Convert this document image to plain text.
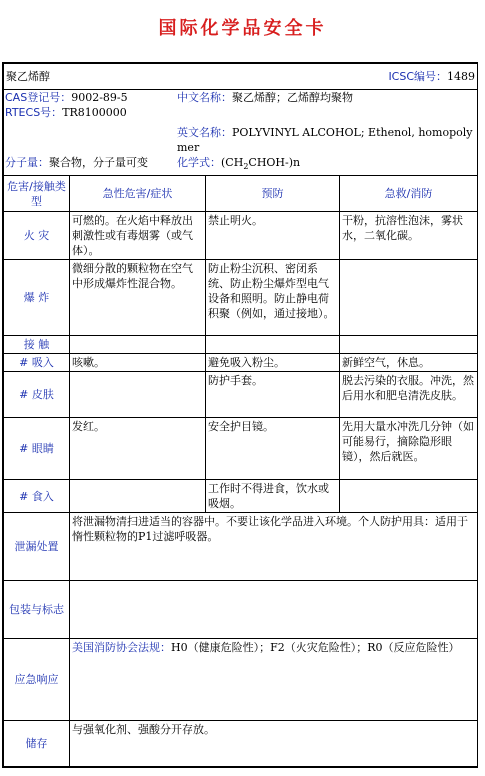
国际化学品安全卡
聚乙烯醇	ICSC编号：1489

CAS登记号：9002-89-5	中文名称：聚乙烯醇；乙烯醇均聚物
RTECS号：TR8100000	
	英文名称：POLYVINYL ALCOHOL; Ethenol, homopolymer
分子量：聚合物，分子量可变	化学式：$(CH_2CHOH-)n$

危害/接触类型	急性危害/症状	预防	急救/消防
火 灾	可燃的。在火焰中释放出刺激性或有毒烟雾（或气体）。	禁止明火。	干粉，抗溶性泡沫，雾状水，二氧化碳。
爆 炸	微细分散的颗粒物在空气中形成爆炸性混合物。	防止粉尘沉积、密闭系统、防止粉尘爆炸型电气设备和照明。防止静电荷积聚（例如，通过接地）。	
接 触			
# 吸入	咳嗽。	避免吸入粉尘。	新鲜空气，休息。
# 皮肤		防护手套。	脱去污染的衣服。冲洗，然后用水和肥皂清洗皮肤。
# 眼睛	发红。	安全护目镜。	先用大量水冲洗几分钟（如可能易行，摘除隐形眼镜），然后就医。
# 食入		工作时不得进食，饮水或吸烟。	
泄漏处置	将泄漏物清扫进适当的容器中。不要让该化学品进入环境。个人防护用具：适用于惰性颗粒物的P1过滤呼吸器。
包装与标志	
应急响应	美国消防协会法规：H0（健康危险性）；F2（火灾危险性）；R0（反应危险性）
储存	与强氧化剂、强酸分开存放。
